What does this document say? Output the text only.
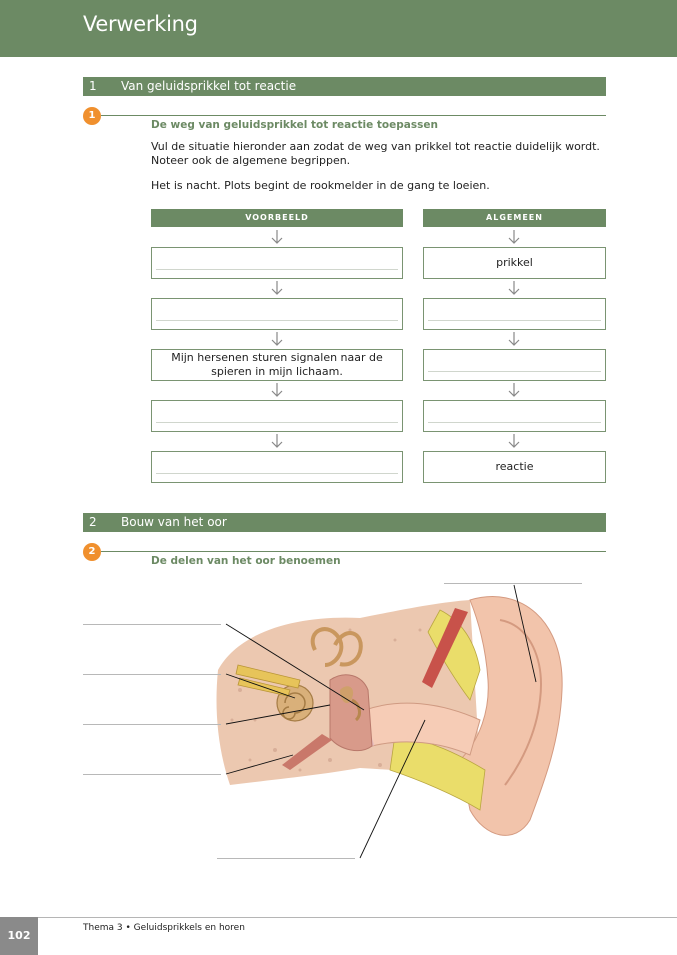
Verwerking
1 Van geluidsprikkel tot reactie
1
De weg van geluidsprikkel tot reactie toepassen
Vul de situatie hieronder aan zodat de weg van prikkel tot reactie duidelijk wordt.
Noteer ook de algemene begrippen.
Het is nacht. Plots begint de rookmelder in de gang te loeien.
VOORBEELD	ALGEMEEN
Mijn hersenen sturen signalen naar de spieren in mijn lichaam.
prikkel
reactie
2 Bouw van het oor
2
De delen van het oor benoemen
102
Thema 3 • Geluidsprikkels en horen
